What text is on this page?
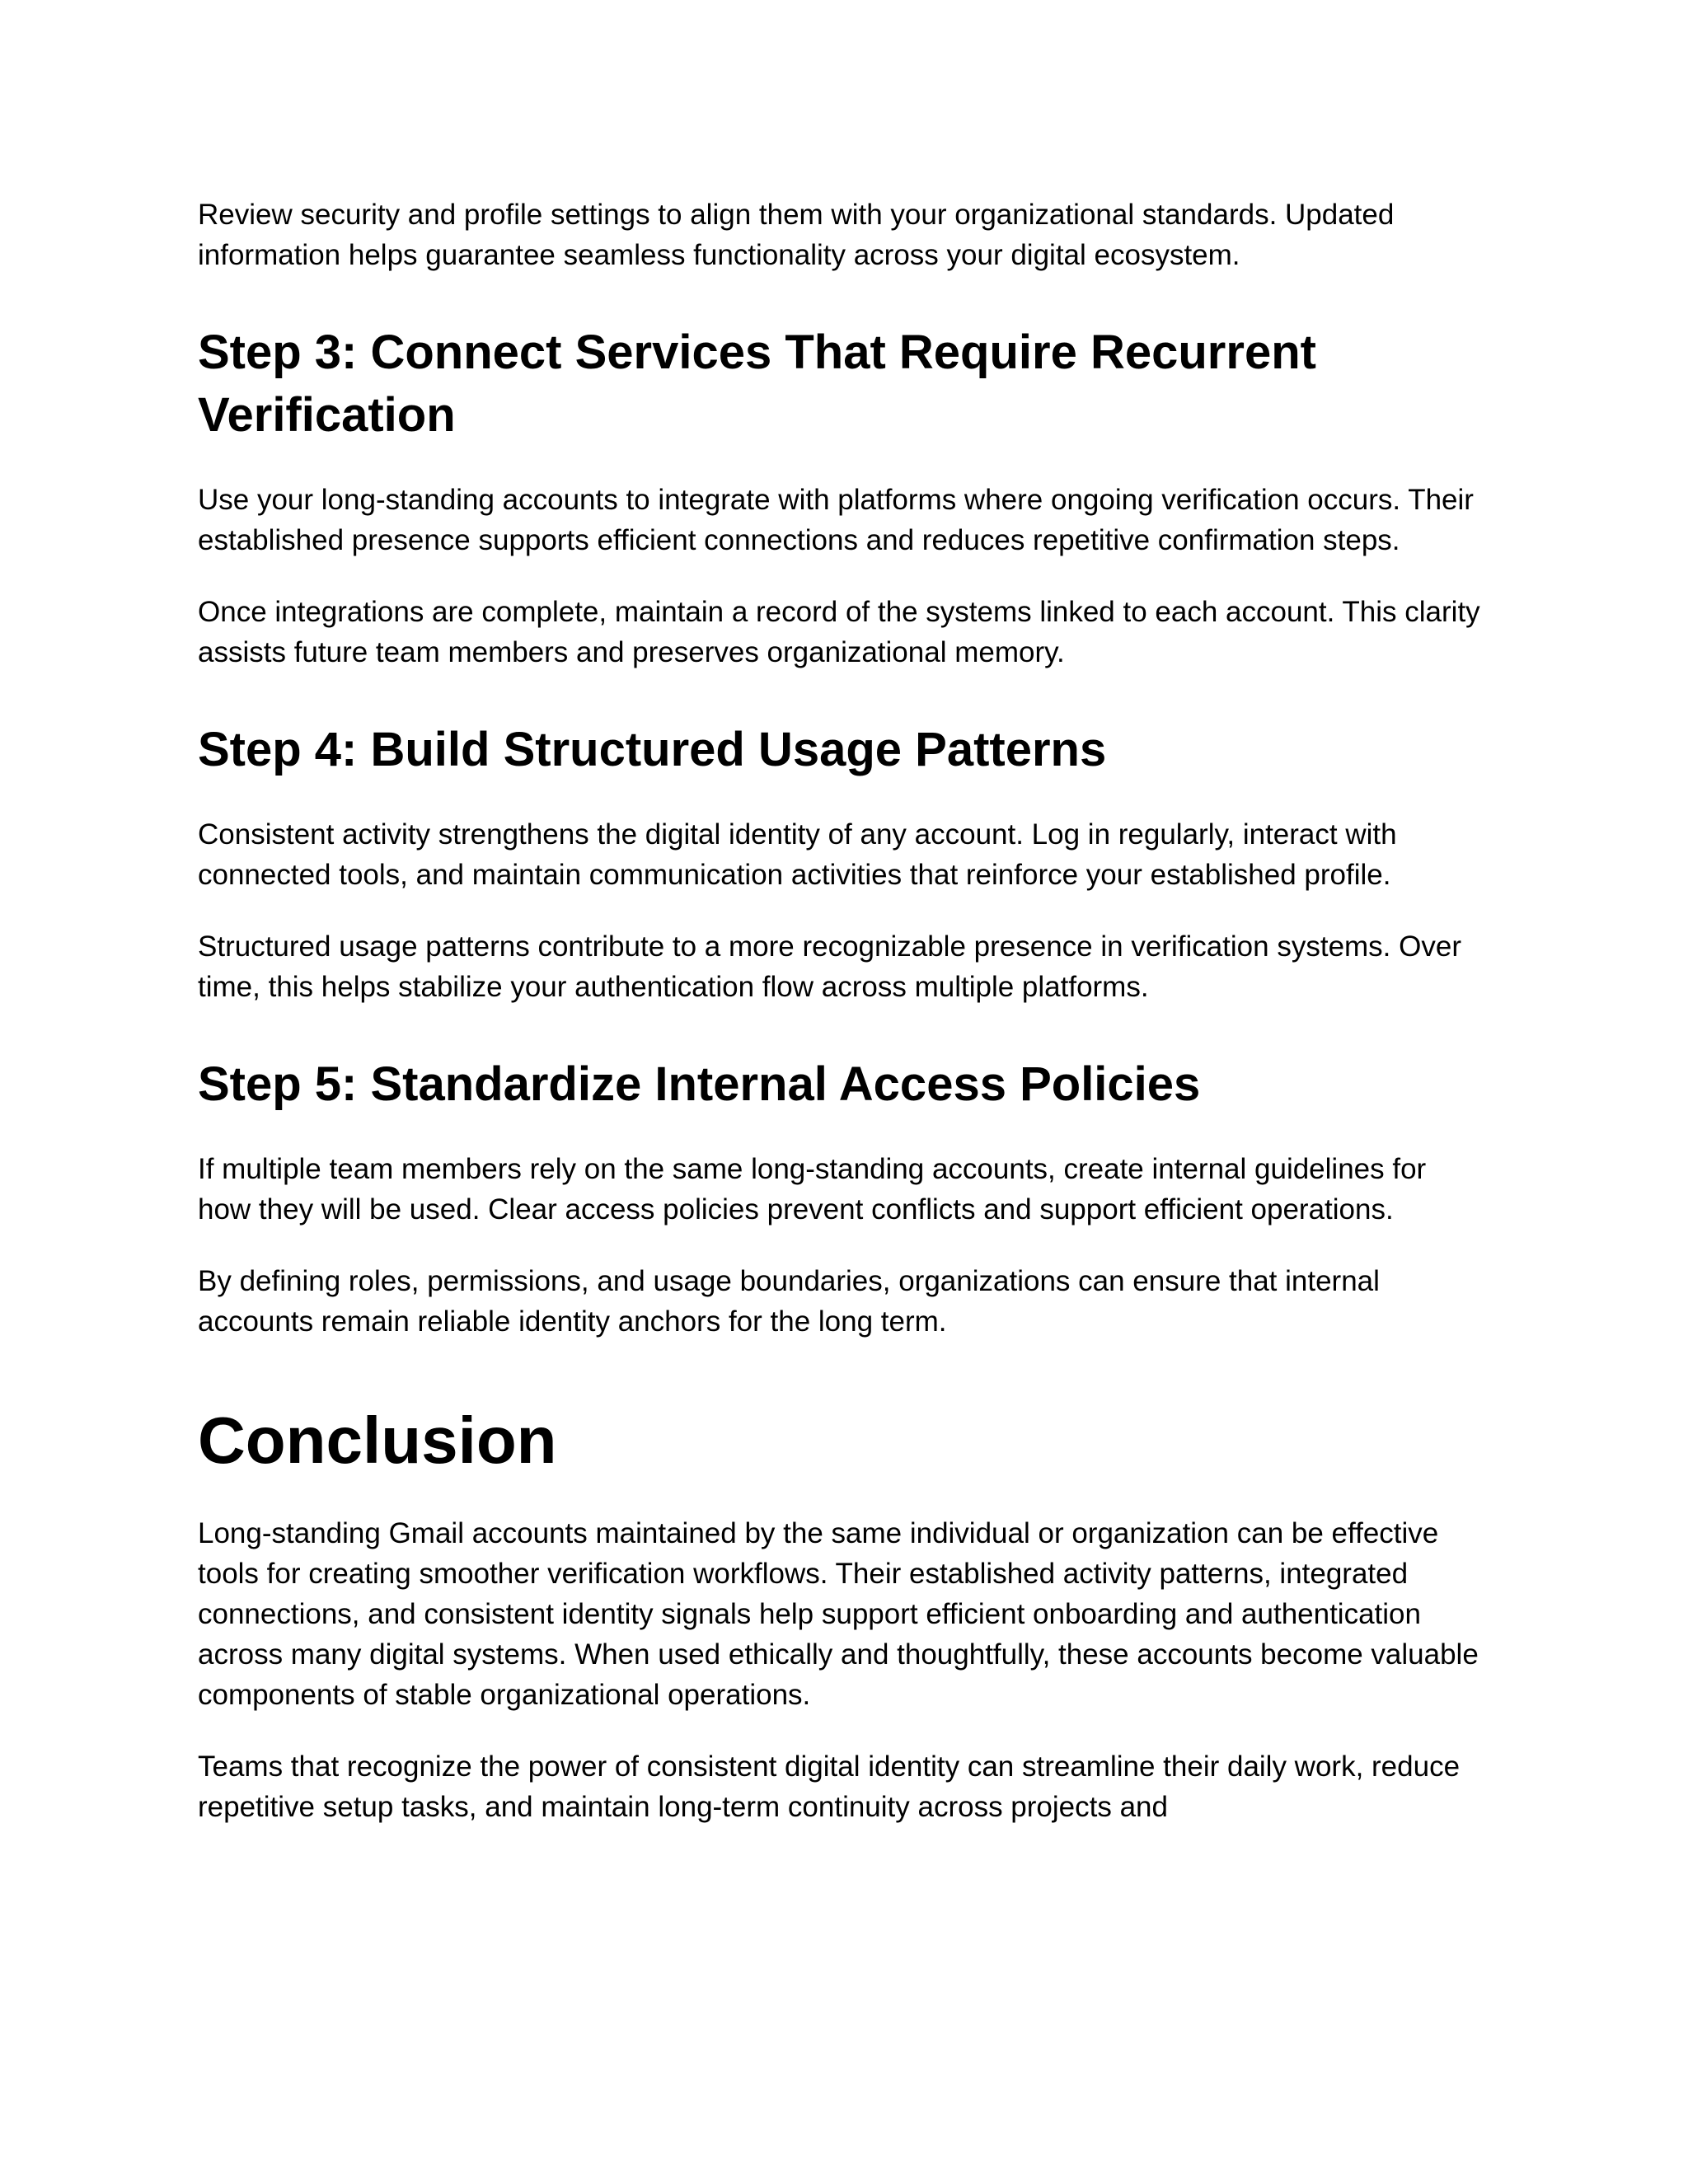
Review security and profile settings to align them with your organizational standards. Updated information helps guarantee seamless functionality across your digital ecosystem.

Step 3: Connect Services That Require Recurrent Verification

Use your long-standing accounts to integrate with platforms where ongoing verification occurs. Their established presence supports efficient connections and reduces repetitive confirmation steps.

Once integrations are complete, maintain a record of the systems linked to each account. This clarity assists future team members and preserves organizational memory.

Step 4: Build Structured Usage Patterns

Consistent activity strengthens the digital identity of any account. Log in regularly, interact with connected tools, and maintain communication activities that reinforce your established profile.

Structured usage patterns contribute to a more recognizable presence in verification systems. Over time, this helps stabilize your authentication flow across multiple platforms.

Step 5: Standardize Internal Access Policies

If multiple team members rely on the same long-standing accounts, create internal guidelines for how they will be used. Clear access policies prevent conflicts and support efficient operations.

By defining roles, permissions, and usage boundaries, organizations can ensure that internal accounts remain reliable identity anchors for the long term.

Conclusion

Long-standing Gmail accounts maintained by the same individual or organization can be effective tools for creating smoother verification workflows. Their established activity patterns, integrated connections, and consistent identity signals help support efficient onboarding and authentication across many digital systems. When used ethically and thoughtfully, these accounts become valuable components of stable organizational operations.

Teams that recognize the power of consistent digital identity can streamline their daily work, reduce repetitive setup tasks, and maintain long-term continuity across projects and
